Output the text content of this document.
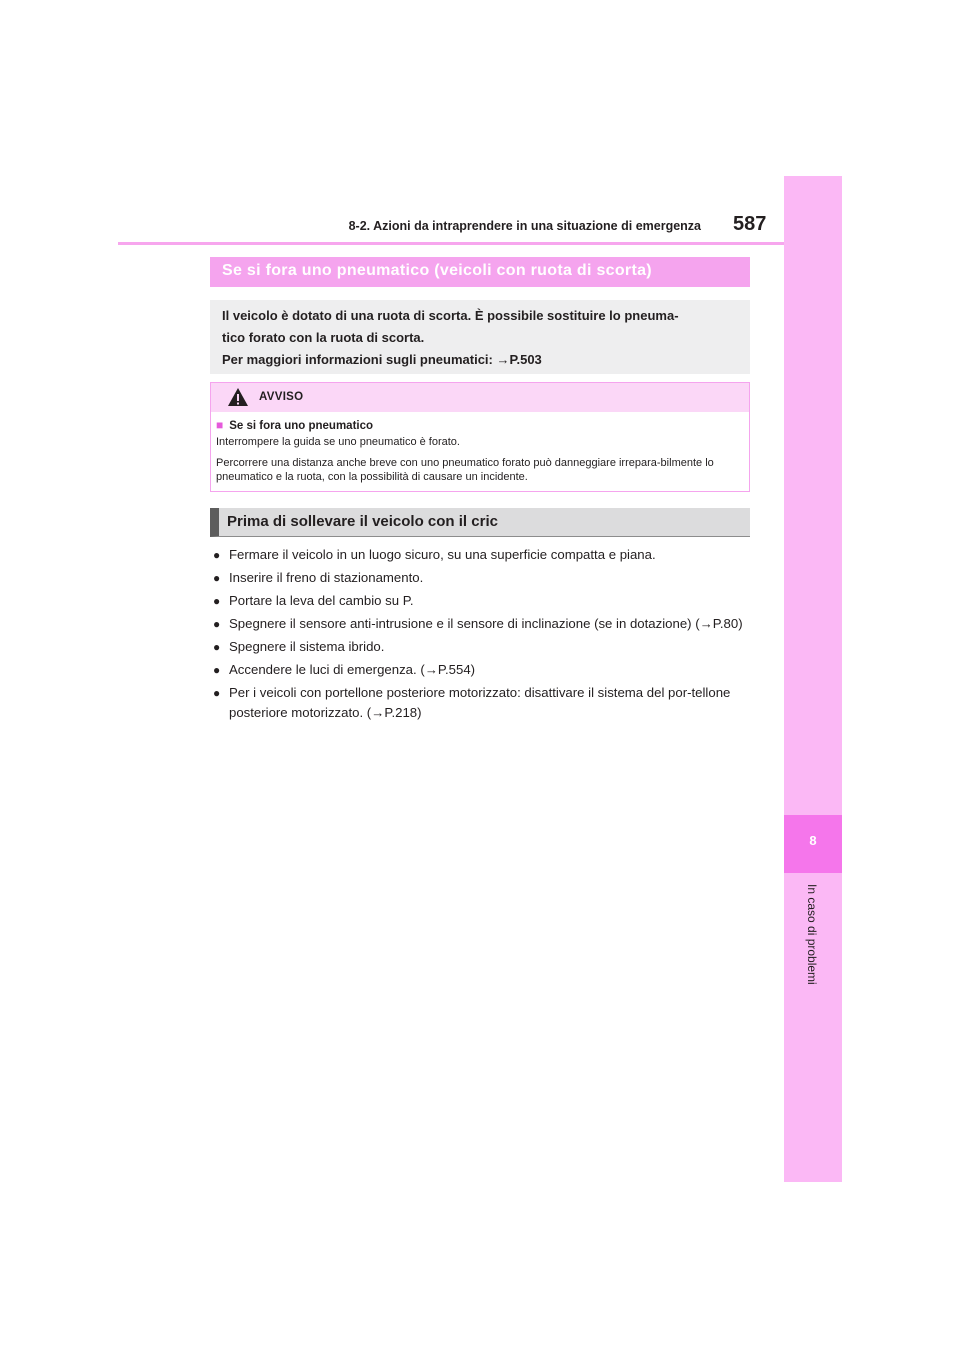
8-2. Azioni da intraprendere in una situazione di emergenza 587
8
In caso di problemi
Se si fora uno pneumatico (veicoli con ruota di scorta)
Il veicolo è dotato di una ruota di scorta. È possibile sostituire lo pneuma-
tico forato con la ruota di scorta.
Per maggiori informazioni sugli pneumatici: →P.503
AVVISO
■ Se si fora uno pneumatico
Interrompere la guida se uno pneumatico è forato.
Percorrere una distanza anche breve con uno pneumatico forato può danneggiare irrepara-bilmente lo pneumatico e la ruota, con la possibilità di causare un incidente.
Prima di sollevare il veicolo con il cric
● Fermare il veicolo in un luogo sicuro, su una superficie compatta e piana.
● Inserire il freno di stazionamento.
● Portare la leva del cambio su P.
● Spegnere il sensore anti-intrusione e il sensore di inclinazione (se in dotazione) (→P.80)
● Spegnere il sistema ibrido.
● Accendere le luci di emergenza. (→P.554)
● Per i veicoli con portellone posteriore motorizzato: disattivare il sistema del por-tellone posteriore motorizzato. (→P.218)
